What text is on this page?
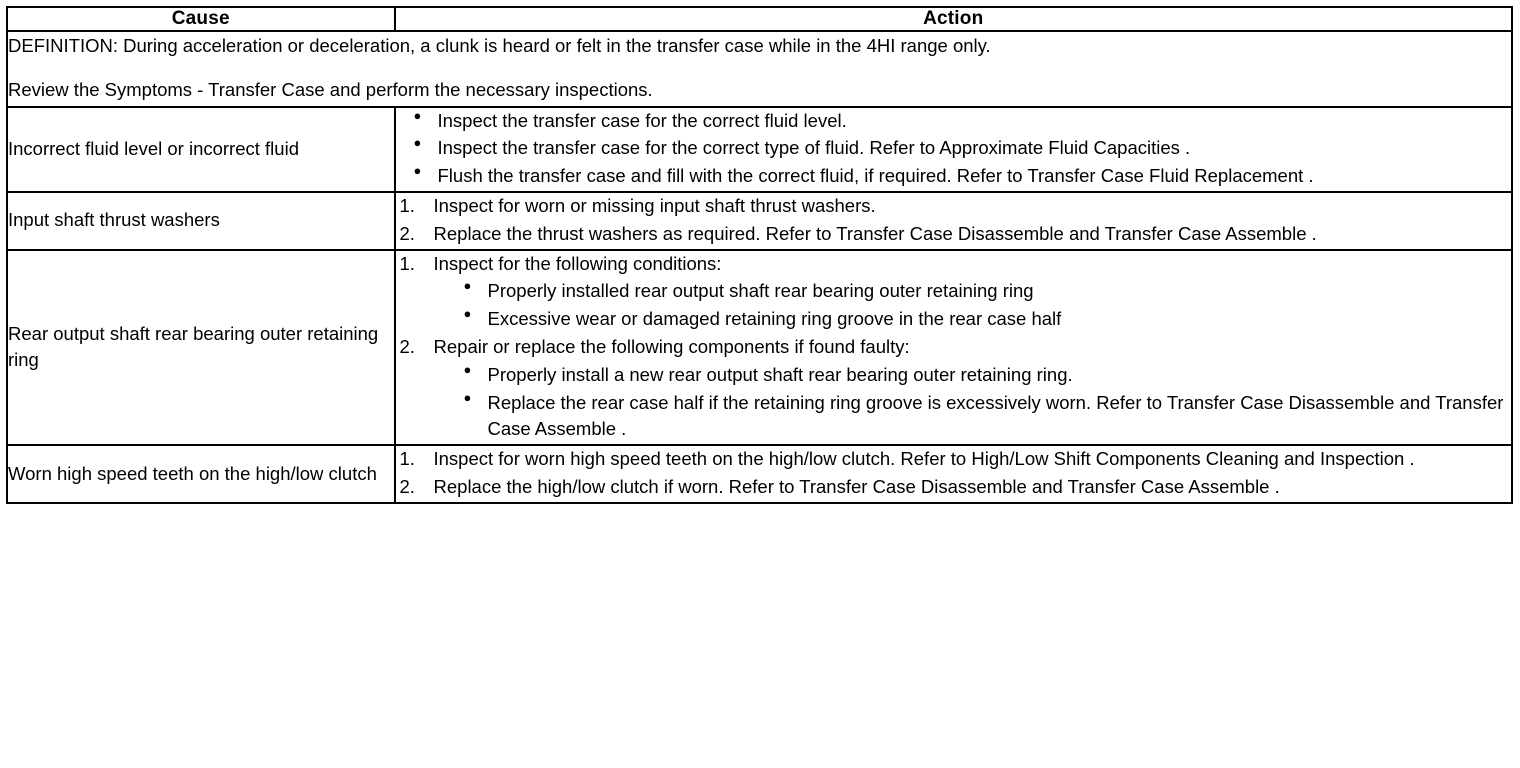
Cause	Action

DEFINITION: During acceleration or deceleration, a clunk is heard or felt in the transfer case while in the 4HI range only.

Review the Symptoms - Transfer Case and perform the necessary inspections.	

Incorrect fluid level or incorrect fluid	
● Inspect the transfer case for the correct fluid level.
● Inspect the transfer case for the correct type of fluid. Refer to Approximate Fluid Capacities .
● Flush the transfer case and fill with the correct fluid, if required. Refer to Transfer Case Fluid Replacement .

Input shaft thrust washers	
Inspect for worn or missing input shaft thrust washers.
Replace the thrust washers as required. Refer to Transfer Case Disassemble and Transfer Case Assemble .

Rear output shaft rear bearing outer retaining ring	
Inspect for the following conditions:
● Properly installed rear output shaft rear bearing outer retaining ring
● Excessive wear or damaged retaining ring groove in the rear case half
Repair or replace the following components if found faulty:
● Properly install a new rear output shaft rear bearing outer retaining ring.
● Replace the rear case half if the retaining ring groove is excessively worn. Refer to Transfer Case Disassemble and Transfer Case Assemble .

Worn high speed teeth on the high/low clutch	
Inspect for worn high speed teeth on the high/low clutch. Refer to High/Low Shift Components Cleaning and Inspection .
Replace the high/low clutch if worn. Refer to Transfer Case Disassemble and Transfer Case Assemble .
